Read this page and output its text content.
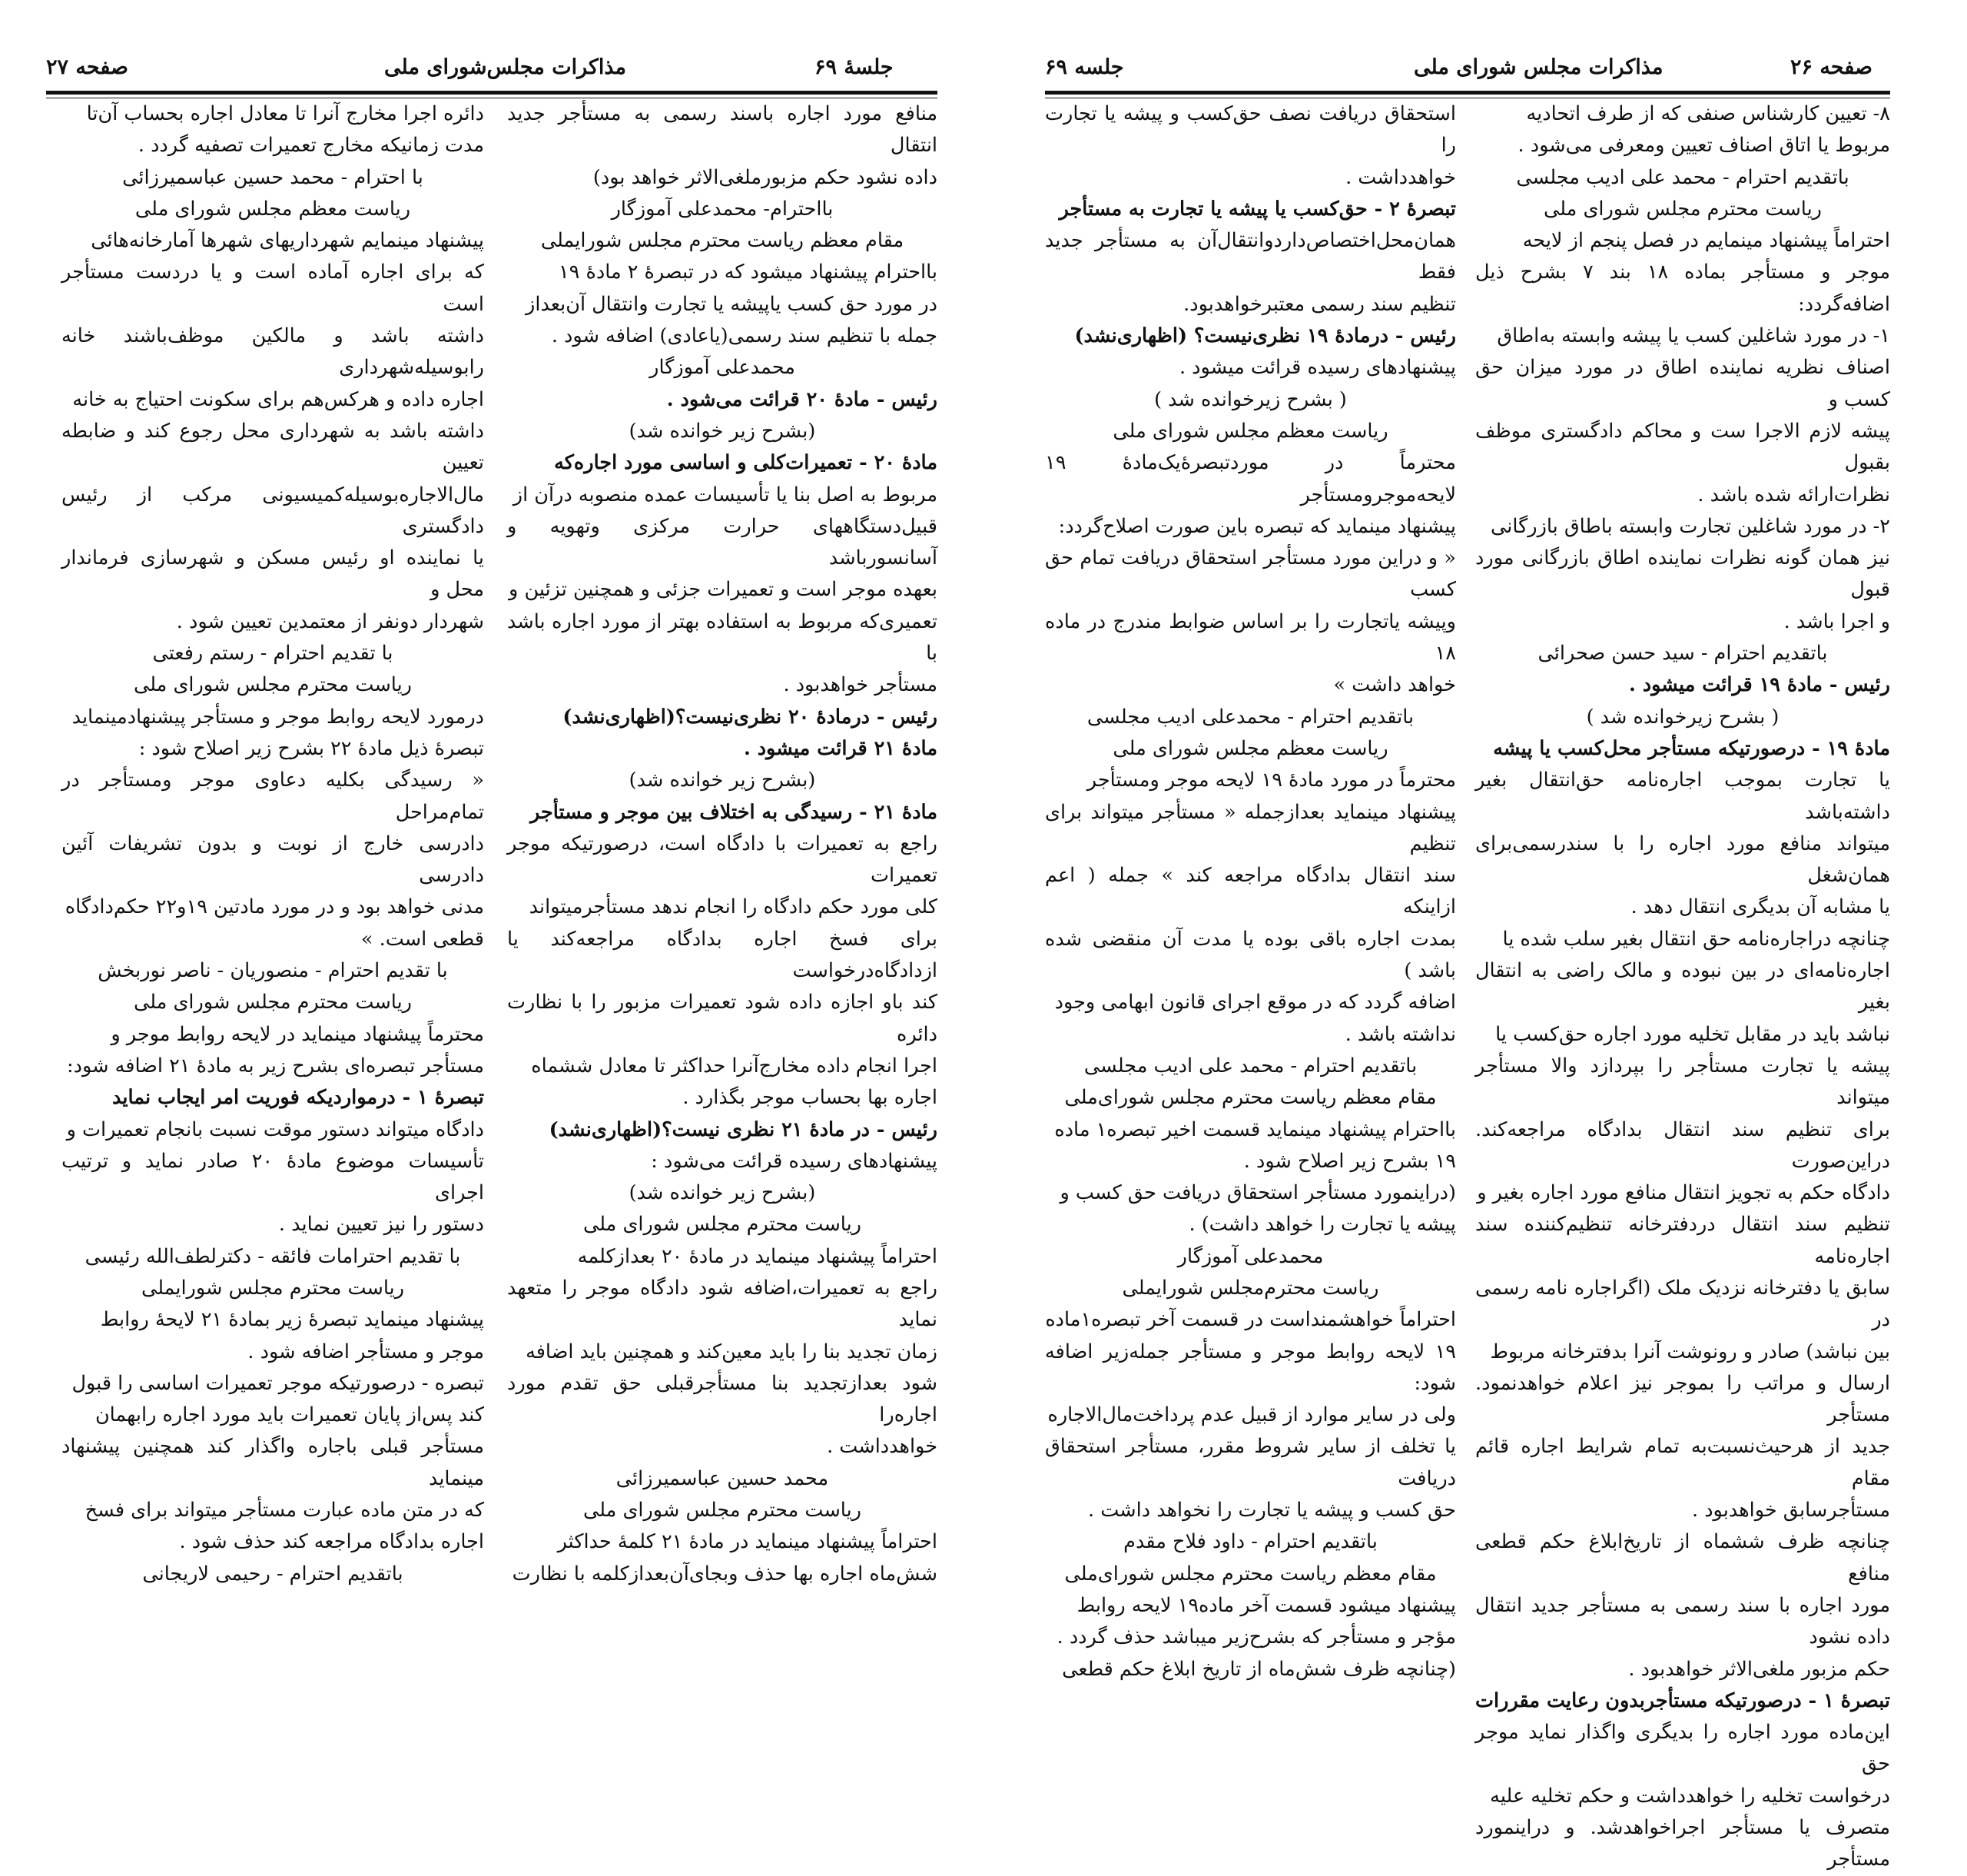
صفحه ۲۷	مذاکرات مجلس‌شورای ملی	جلسهٔ ۶۹

منافع مورد اجاره باسند رسمی به مستأجر جدید انتقال

داده نشود حکم مزبورملغی‌الاثر خواهد بود)

بااحترام- محمدعلی آموزگار

مقام معظم ریاست محترم مجلس شورایملی

بااحترام پیشنهاد میشود که در تبصرهٔ ۲ مادهٔ ۱۹

در مورد حق کسب یاپیشه یا تجارت وانتقال آن‌بعداز

جمله با تنظیم سند رسمی(یاعادی) اضافه شود .

محمدعلی آموزگار

رئیس - مادهٔ ۲۰ قرائت می‌شود .

(بشرح زیر خوانده شد)

مادهٔ ۲۰ - تعمیرات‌کلی و اساسی مورد اجاره‌که

مربوط به اصل بنا یا تأسیسات عمده منصوبه درآن از

قبیل‌دستگاههای حرارت مرکزی وتهویه و آسانسورباشد

بعهده موجر است و تعمیرات جزئی و همچنین تزئین و

تعمیری‌که مربوط به استفاده بهتر از مورد اجاره باشد با

مستأجر خواهدبود .

رئیس - درمادهٔ ۲۰ نظری‌نیست؟(اظهاری‌نشد)

مادهٔ ۲۱ قرائت میشود .

(بشرح زیر خوانده شد)

مادهٔ ۲۱ - رسیدگی به اختلاف بین موجر و مستأجر

راجع به تعمیرات با دادگاه است، درصورتیکه موجر تعمیرات

کلی مورد حکم دادگاه را انجام ندهد مستأجرمیتواند

برای فسخ اجاره بدادگاه مراجعه‌کند یا ازدادگاه‌درخواست

کند باو اجازه داده شود تعمیرات مزبور را با نظارت دائره

اجرا انجام داده مخارج‌آنرا حداکثر تا معادل ششماه

اجاره بها بحساب موجر بگذارد .

رئیس - در مادهٔ ۲۱ نظری نیست؟(اظهاری‌نشد)

پیشنهادهای رسیده قرائت می‌شود :

(بشرح زیر خوانده شد)

ریاست محترم مجلس شورای ملی

احتراماً پیشنهاد مینماید در مادهٔ ۲۰ بعدازکلمه

راجع به تعمیرات،اضافه شود دادگاه موجر را متعهد نماید

زمان تجدید بنا را باید معین‌کند و همچنین باید اضافه

شود بعدازتجدید بنا مستأجرقبلی حق تقدم مورد اجاره‌را

خواهدداشت .

محمد حسین عباسمیرزائی

ریاست محترم مجلس شورای ملی

احتراماً پیشنهاد مینماید در مادهٔ ۲۱ کلمهٔ حداکثر

شش‌ماه اجاره بها حذف وبجای‌آن‌بعدازکلمه با نظارت

دائره اجرا مخارج آنرا تا معادل اجاره بحساب آن‌تا

مدت زمانیکه مخارج تعمیرات تصفیه گردد .

با احترام - محمد حسین عباسمیرزائی

ریاست معظم مجلس شورای ملی

پیشنهاد مینمایم شهرداریهای شهرها آمارخانه‌هائی

که برای اجاره آماده است و یا دردست مستأجر است

داشته باشد و مالکین موظف‌باشند خانه رابوسیله‌شهرداری

اجاره داده و هرکس‌هم برای سکونت احتیاج به خانه

داشته باشد به شهرداری محل رجوع کند و ضابطه تعیین

مال‌الاجاره‌بوسیله‌کمیسیونی مرکب از رئیس دادگستری

یا نماینده او رئیس مسکن و شهرسازی فرماندار محل و

شهردار دونفر از معتمدین تعیین شود .

با تقدیم احترام - رستم رفعتی

ریاست محترم مجلس شورای ملی

درمورد لایحه روابط موجر و مستأجر پیشنهادمینماید

تبصرهٔ ذیل مادهٔ ۲۲ بشرح زیر اصلاح شود :

« رسیدگی بکلیه دعاوی موجر ومستأجر در تمام‌مراحل

دادرسی خارج از نوبت و بدون تشریفات آئین دادرسی

مدنی خواهد بود و در مورد مادتین ۱۹و۲۲ حکم‌دادگاه

قطعی است. »

با تقدیم احترام - منصوریان - ناصر نوربخش

ریاست محترم مجلس شورای ملی

محترماً پیشنهاد مینماید در لایحه روابط موجر و

مستأجر تبصره‌ای بشرح زیر به مادهٔ ۲۱ اضافه شود:

تبصرهٔ ۱ - درمواردیکه فوریت امر ایجاب نماید

دادگاه میتواند دستور موقت نسبت بانجام تعمیرات و

تأسیسات موضوع مادهٔ ۲۰ صادر نماید و ترتیب اجرای

دستور را نیز تعیین نماید .

با تقدیم احترامات فائقه - دکترلطف‌الله رئیسی

ریاست محترم مجلس شورایملی

پیشنهاد مینماید تبصرهٔ زیر بمادهٔ ۲۱ لایحهٔ روابط

موجر و مستأجر اضافه شود .

تبصره - درصورتیکه موجر تعمیرات اساسی را قبول

کند پس‌از پایان تعمیرات باید مورد اجاره رابهمان

مستأجر قبلی باجاره واگذار کند همچنین پیشنهاد مینماید

که در متن ماده عبارت مستأجر میتواند برای فسخ

اجاره بدادگاه مراجعه کند حذف شود .

باتقدیم احترام - رحیمی لاریجانی

جلسه ۶۹	مذاکرات مجلس شورای ملی	صفحه ۲۶

۸- تعیین کارشناس صنفی که از طرف اتحادیه

مربوط یا اتاق اصناف تعیین ومعرفی می‌شود .

باتقدیم احترام - محمد علی ادیب مجلسی

ریاست محترم مجلس شورای ملی

احتراماً پیشنهاد مینمایم در فصل پنجم از لایحه

موجر و مستأجر بماده ۱۸ بند ۷ بشرح ذیل اضافه‌گردد:

۱- در مورد شاغلین کسب یا پیشه وابسته به‌اطاق

اصناف نظریه نماینده اطاق در مورد میزان حق کسب و

پیشه لازم الاجرا ست و محاکم دادگستری موظف بقبول

نظرات‌ارائه شده باشد .

۲- در مورد شاغلین تجارت وابسته باطاق بازرگانی

نیز همان گونه نظرات نماینده اطاق بازرگانی مورد قبول

و اجرا باشد .

باتقدیم احترام - سید حسن صحرائی

رئیس - مادهٔ ۱۹ قرائت میشود .

( بشرح زیرخوانده شد )

مادهٔ ۱۹ - درصورتیکه مستأجر محل‌کسب یا پیشه

یا تجارت بموجب اجاره‌نامه حق‌انتقال بغیر داشته‌باشد

میتواند منافع مورد اجاره را با سندرسمی‌برای همان‌شغل

یا مشابه آن بدیگری انتقال دهد .

چنانچه دراجاره‌نامه حق انتقال بغیر سلب شده یا

اجاره‌نامه‌ای در بین نبوده و مالک راضی به انتقال بغیر

نباشد باید در مقابل تخلیه مورد اجاره حق‌کسب یا

پیشه یا تجارت مستأجر را بپردازد والا مستأجر میتواند

برای تنظیم سند انتقال بدادگاه مراجعه‌کند. درا‌ین‌صورت

دادگاه حکم به تجویز انتقال منافع مورد اجاره بغیر و

تنظیم سند انتقال دردفترخانه تنظیم‌کننده سند اجاره‌نامه

سابق یا دفترخانه نزدیک ملک (اگراجاره نامه رسمی در

بین نباشد) صادر و رونوشت آنرا بدفترخانه مربوط

ارسال و مراتب را بموجر نیز اعلام خواهدنمود. مستأجر

جدید از هرحیث‌نسبت‌به تمام شرایط اجاره قائم مقام

مستأجرسابق خواهدبود .

چنانچه ظرف ششماه از تاریخ‌ابلاغ حکم قطعی منافع

مورد اجاره با سند رسمی به مستأجر جدید انتقال داده نشود

حکم مزبور ملغی‌الاثر خواهدبود .

تبصرهٔ ۱ - درصورتیکه مستأجربدون رعایت مقررات

این‌ماده مورد اجاره را بدیگری واگذار نماید موجر حق

درخواست تخلیه را خواهدداشت و حکم تخلیه علیه

متصرف یا مستأجر اجراخواهدشد. و دراینمورد مستأجر

استحقاق دریافت نصف حق‌کسب و پیشه یا تجارت را

خواهدداشت .

تبصرهٔ ۲ - حق‌کسب یا پیشه یا تجارت به مستأجر

همان‌محل‌اختصاص‌داردوانتقال‌آن به مستأجر جدید فقط

تنظیم سند رسمی معتبرخواهدبود.

رئیس - درمادهٔ ۱۹ نظری‌نیست؟ (اظهاری‌نشد)

پیشنهادهای رسیده قرائت میشود .

( بشرح زیرخوانده شد )

ریاست معظم مجلس شورای ملی

محترماً در موردتبصرهٔ‌یک‌مادهٔ ۱۹ لایحه‌موجرومستأجر

پیشنهاد مینماید که تبصره باین صورت اصلاح‌گردد:

« و دراین مورد مستأجر استحقاق دریافت تمام حق کسب

وپیشه یاتجارت را بر اساس ضوابط مندرج در ماده ۱۸

خواهد داشت »

باتقدیم احترام - محمدعلی ادیب مجلسی

ریاست معظم مجلس شورای ملی

محترماً در مورد مادهٔ ۱۹ لایحه موجر ومستأجر

پیشنهاد مینماید بعدازجمله « مستأجر میتواند برای تنظیم

سند انتقال بدادگاه مراجعه کند » جمله ( اعم ازاینکه

بمدت اجاره باقی بوده یا مدت آن منقضی شده باشد )

اضافه گردد که در موقع اجرای قانون ابهامی وجود

نداشته باشد .

باتقدیم احترام - محمد علی ادیب مجلسی

مقام معظم ریاست محترم مجلس شورای‌ملی

بااحترام پیشنهاد مینماید قسمت اخیر تبصره۱ ماده

۱۹ بشرح زیر اصلاح شود .

(دراینمورد مستأجر استحقاق دریافت حق کسب و

پیشه یا تجارت را خواهد داشت) .

محمدعلی آموزگار

ریاست محترم‌مجلس شورایملی

احتراماً خواهشمنداست در قسمت آخر تبصره۱ماده

۱۹ لایحه روابط موجر و مستأجر جمله‌زیر اضافه شود:

ولی در سایر موارد از قبیل عدم پرداخت‌مال‌الاجاره

یا تخلف از سایر شروط مقرر، مستأجر استحقاق دریافت

حق کسب و پیشه یا تجارت را نخواهد داشت .

باتقدیم احترام - داود فلاح مقدم

مقام معظم ریاست محترم مجلس شورای‌ملی

پیشنهاد میشود قسمت آخر ماده۱۹ لایحه روابط

مؤجر و مستأجر که بشرح‌زیر میباشد حذف گردد .

(چنانچه ظرف شش‌ماه از تاریخ ابلاغ حکم قطعی
